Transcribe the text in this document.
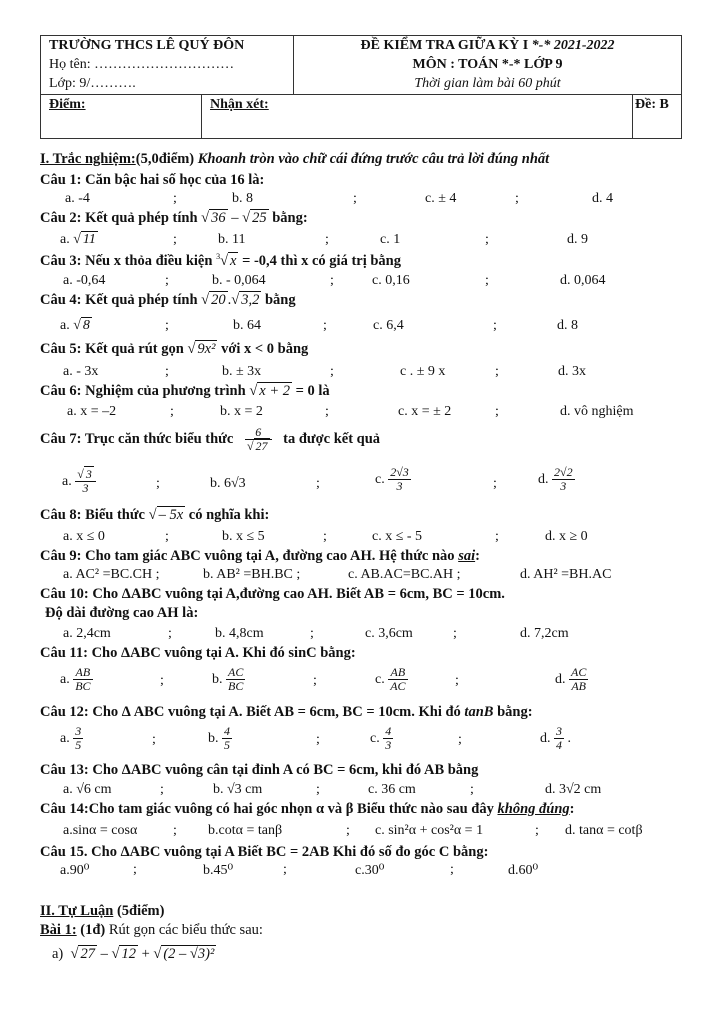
TRƯỜNG THCS LÊ QUÝ ĐÔN
Họ tên: …………………………
Lớp: 9/……….
ĐỀ KIỂM TRA GIỮA KỲ I *-* 2021-2022
MÔN : TOÁN *-* LỚP 9
Thời gian làm bài 60 phút
Điểm:	Nhận xét:	Đề: B
I. Trắc nghiệm:(5,0điểm) Khoanh tròn vào chữ cái đứng trước câu trả lời đúng nhất
Câu 1: Căn bậc hai số học của 16 là:
a. -4	;	b. 8	;	c. ± 4	;	d. 4
Câu 2: Kết quả phép tính √ 36 – √ 25 bằng:
a. √ 11	;	b. 11	;	c. 1	;	d. 9
Câu 3: Nếu x thỏa điều kiện $^3$√ x = -0,4 thì x có giá trị bằng
a. -0,64	;	b. - 0,064	;	c. 0,16	;	d. 0,064
Câu 4: Kết quả phép tính √ 20 .√ 3,2 bằng
a. √ 8	;	b. 64	;	c. 6,4	;	d. 8
Câu 5: Kết quả rút gọn √ 9x² với x < 0 bằng
a. - 3x	;	b. ± 3x	;	c . ± 9 x	;	d. 3x
Câu 6: Nghiệm của phương trình √ x + 2 = 0 là
a. x = –2	;	b. x = 2	;	c. x = ± 2	;	d. vô nghiệm
Câu 7: Trục căn thức biểu thức $\frac{6}{√ 27}$ ta được kết quả
a. $\frac{√ 3}{3}$	;	b. 6√3	;	c. $\frac{2√3}{3}$	;	d. $\frac{2√2}{3}$
Câu 8: Biểu thức √ – 5x có nghĩa khi:
a. x ≤ 0	;	b. x ≤ 5	;	c. x ≤ - 5	;	d. x ≥ 0
Câu 9: Cho tam giác ABC vuông tại A, đường cao AH. Hệ thức nào sai:
a. AC² =BC.CH ;	b. AB² =BH.BC ;	c. AB.AC=BC.AH ;	d. AH² =BH.AC
Câu 10: Cho ΔABC vuông tại A,đường cao AH. Biết AB = 6cm, BC = 10cm.
Độ dài đường cao AH là:
a. 2,4cm	;	b. 4,8cm	;	c. 3,6cm	;	d. 7,2cm
Câu 11: Cho ΔABC vuông tại A. Khi đó sinC bằng:
a. $\frac{AB}{BC}$	;	b. $\frac{AC}{BC}$	;	c. $\frac{AB}{AC}$	;	d. $\frac{AC}{AB}$
Câu 12: Cho Δ ABC vuông tại A. Biết AB = 6cm, BC = 10cm. Khi đó tanB bằng:
a. $\frac{3}{5}$	;	b. $\frac{4}{5}$	;	c. $\frac{4}{3}$	;	d. $\frac{3}{4}$ .
Câu 13: Cho ΔABC vuông cân tại đỉnh A có BC = 6cm, khi đó AB bằng
a. √6 cm	;	b. √3 cm	;	c. 36 cm	;	d. 3√2 cm
Câu 14:Cho tam giác vuông có hai góc nhọn α và β Biểu thức nào sau đây không đúng:
a.sinα = cosα	; b.cotα = tanβ	; c. sin²α + cos²α = 1	; d. tanα = cotβ
Câu 15. Cho ΔABC vuông tại A Biết BC = 2AB Khi đó số đo góc C bằng:
a.90⁰	;	b.45⁰	;	c.30⁰	;	d.60⁰
II. Tự Luận (5điểm)
Bài 1: (1đ) Rút gọn các biểu thức sau:
a)  √ 27 – √ 12 + √ (2 – √3)²
